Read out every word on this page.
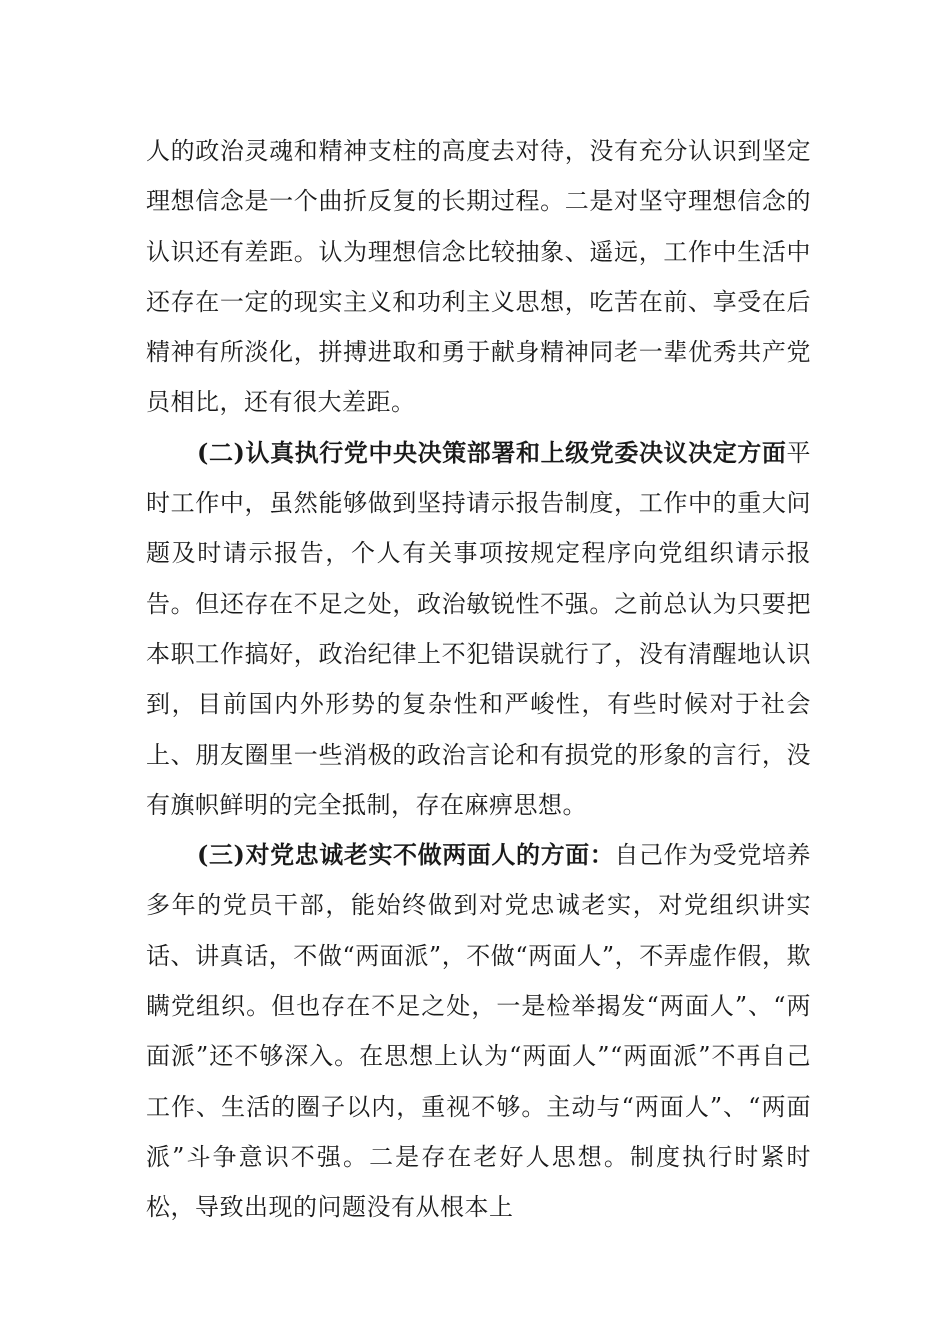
人的政治灵魂和精神支柱的高度去对待，没有充分认识到坚定理想信念是一个曲折反复的长期过程。二是对坚守理想信念的认识还有差距。认为理想信念比较抽象、遥远，工作中生活中还存在一定的现实主义和功利主义思想，吃苦在前、享受在后精神有所淡化，拼搏进取和勇于献身精神同老一辈优秀共产党员相比，还有很大差距。

(二)认真执行党中央决策部署和上级党委决议决定方面平时工作中，虽然能够做到坚持请示报告制度，工作中的重大问题及时请示报告，个人有关事项按规定程序向党组织请示报告。但还存在不足之处，政治敏锐性不强。之前总认为只要把本职工作搞好，政治纪律上不犯错误就行了，没有清醒地认识到，目前国内外形势的复杂性和严峻性，有些时候对于社会上、朋友圈里一些消极的政治言论和有损党的形象的言行，没有旗帜鲜明的完全抵制，存在麻痹思想。

(三)对党忠诚老实不做两面人的方面：自己作为受党培养多年的党员干部，能始终做到对党忠诚老实，对党组织讲实话、讲真话，不做“两面派”，不做“两面人”，不弄虚作假，欺瞒党组织。但也存在不足之处，一是检举揭发“两面人”、“两面派”还不够深入。在思想上认为“两面人”“两面派”不再自己工作、生活的圈子以内，重视不够。主动与“两面人”、“两面派”斗争意识不强。二是存在老好人思想。制度执行时紧时松，导致出现的问题没有从根本上
